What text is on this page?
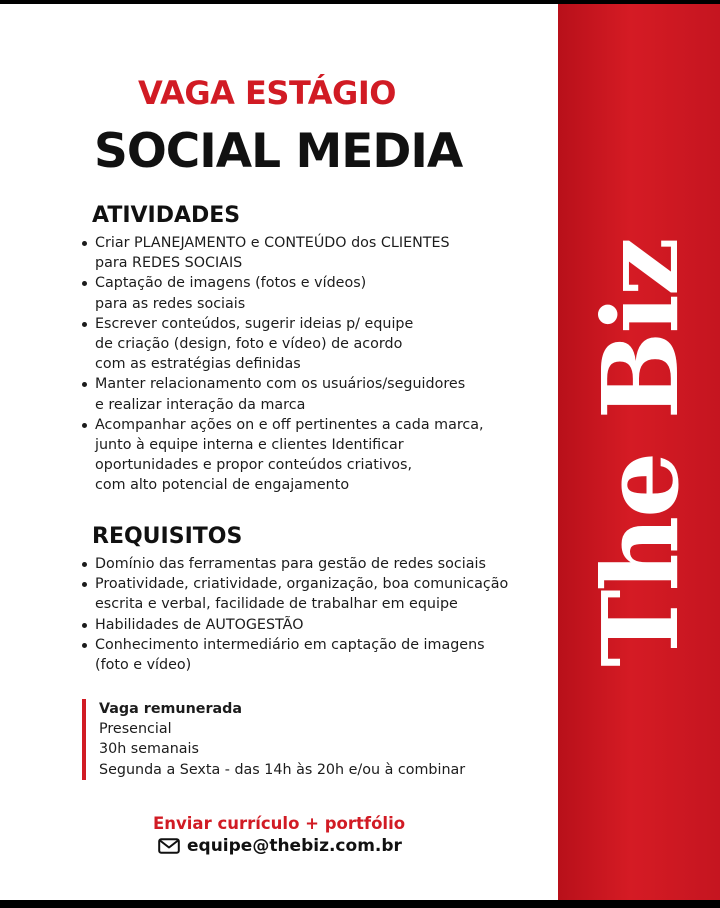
The Biz
VAGA ESTÁGIO
SOCIAL MEDIA
ATIVIDADES
Criar PLANEJAMENTO e CONTEÚDO dos CLIENTES
para REDES SOCIAIS
Captação de imagens (fotos e vídeos)
para as redes sociais
Escrever conteúdos, sugerir ideias p/ equipe
de criação (design, foto e vídeo) de acordo
com as estratégias definidas
Manter relacionamento com os usuários/seguidores
e realizar interação da marca
Acompanhar ações on e off pertinentes a cada marca,
junto à equipe interna e clientes Identificar
oportunidades e propor conteúdos criativos,
com alto potencial de engajamento
REQUISITOS
Domínio das ferramentas para gestão de redes sociais
Proatividade, criatividade, organização, boa comunicação
escrita e verbal, facilidade de trabalhar em equipe
Habilidades de AUTOGESTÃO
Conhecimento intermediário em captação de imagens
(foto e vídeo)
Vaga remunerada
Presencial
30h semanais
Segunda a Sexta - das 14h às 20h e/ou à combinar
Enviar currículo + portfólio
equipe@thebiz.com.br
